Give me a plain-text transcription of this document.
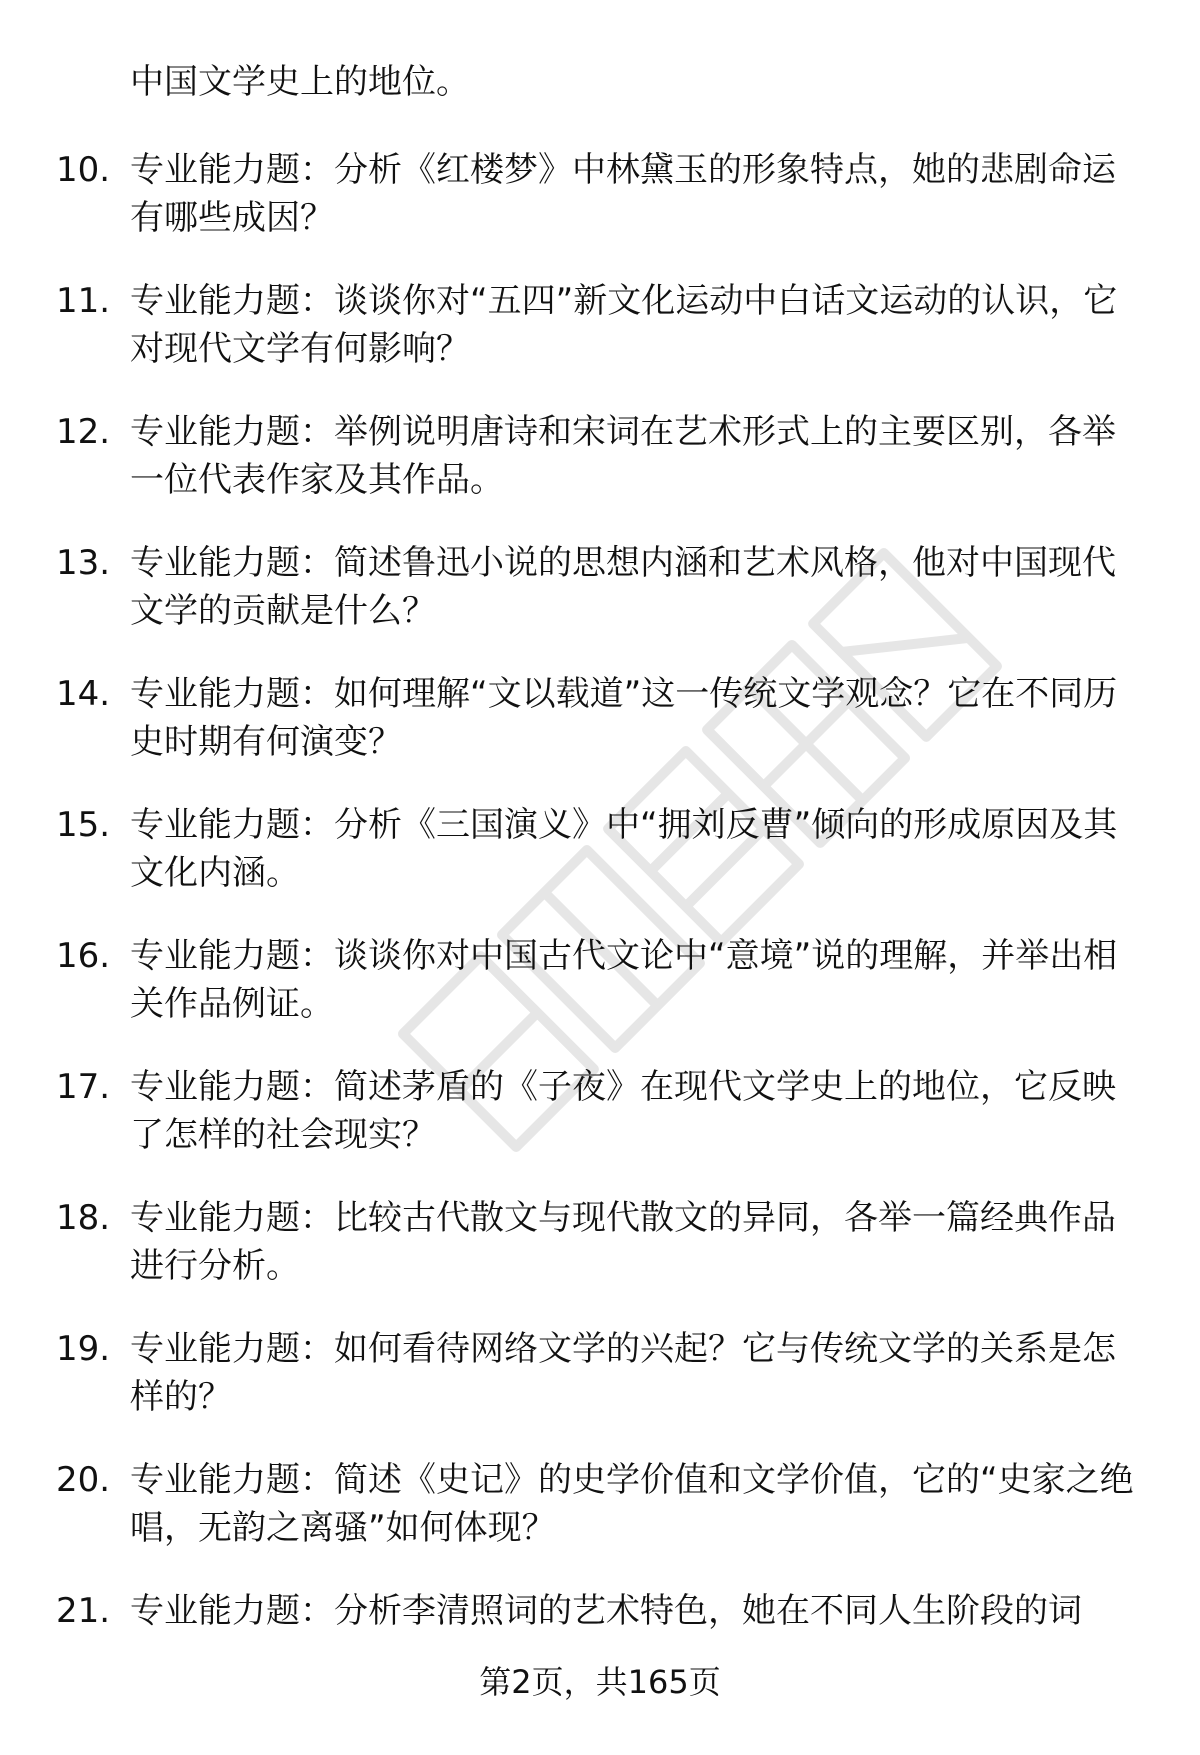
中国文学史上的地位。
10. 专业能力题：分析《红楼梦》中林黛玉的形象特点，她的悲剧命运有哪些成因？
11. 专业能力题：谈谈你对“五四”新文化运动中白话文运动的认识，它对现代文学有何影响？
12. 专业能力题：举例说明唐诗和宋词在艺术形式上的主要区别，各举一位代表作家及其作品。
13. 专业能力题：简述鲁迅小说的思想内涵和艺术风格，他对中国现代文学的贡献是什么？
14. 专业能力题：如何理解“文以载道”这一传统文学观念？它在不同历史时期有何演变？
15. 专业能力题：分析《三国演义》中“拥刘反曹”倾向的形成原因及其文化内涵。
16. 专业能力题：谈谈你对中国古代文论中“意境”说的理解，并举出相关作品例证。
17. 专业能力题：简述茅盾的《子夜》在现代文学史上的地位，它反映了怎样的社会现实？
18. 专业能力题：比较古代散文与现代散文的异同，各举一篇经典作品进行分析。
19. 专业能力题：如何看待网络文学的兴起？它与传统文学的关系是怎样的？
20. 专业能力题：简述《史记》的史学价值和文学价值，它的“史家之绝唱，无韵之离骚”如何体现？
21. 专业能力题：分析李清照词的艺术特色，她在不同人生阶段的词
第2页，共165页
